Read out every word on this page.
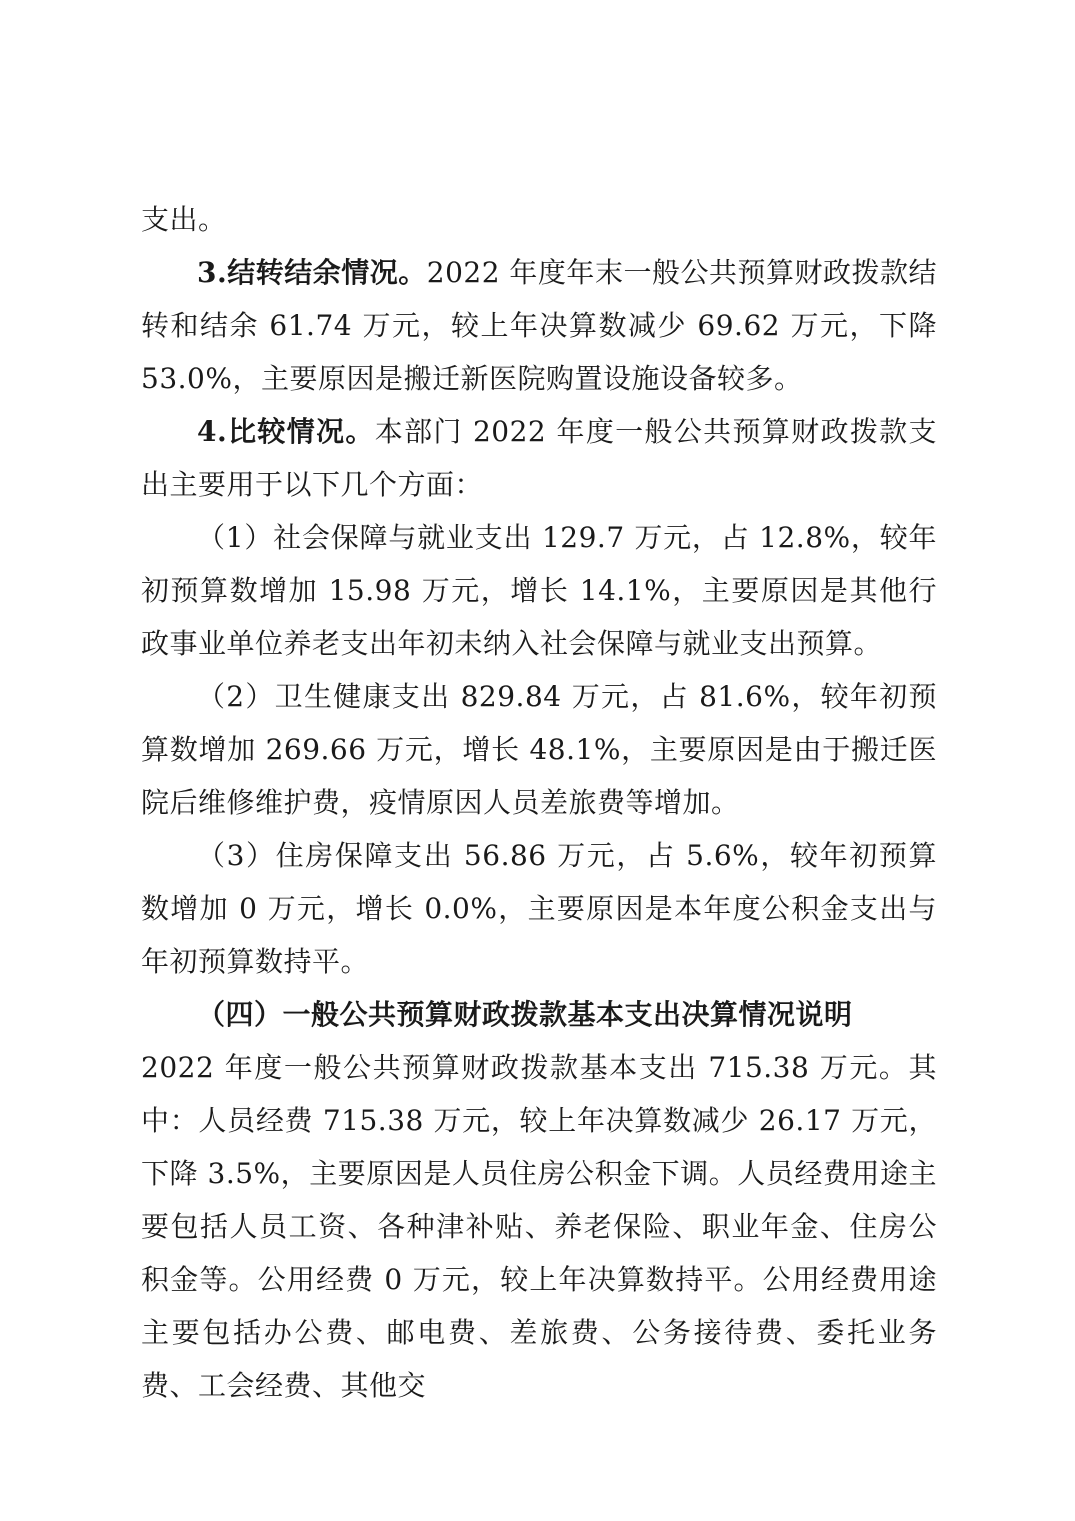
支出。

3.结转结余情况。2022 年度年末一般公共预算财政拨款结转和结余 61.74 万元，较上年决算数减少 69.62 万元，下降 53.0%，主要原因是搬迁新医院购置设施设备较多。

4.比较情况。本部门 2022 年度一般公共预算财政拨款支出主要用于以下几个方面：

（1）社会保障与就业支出 129.7 万元，占 12.8%，较年初预算数增加 15.98 万元，增长 14.1%，主要原因是其他行政事业单位养老支出年初未纳入社会保障与就业支出预算。

（2）卫生健康支出 829.84 万元，占 81.6%，较年初预算数增加 269.66 万元，增长 48.1%，主要原因是由于搬迁医院后维修维护费，疫情原因人员差旅费等增加。

（3）住房保障支出 56.86 万元，占 5.6%，较年初预算数增加 0 万元，增长 0.0%，主要原因是本年度公积金支出与年初预算数持平。

（四）一般公共预算财政拨款基本支出决算情况说明

2022 年度一般公共预算财政拨款基本支出 715.38 万元。其中：人员经费 715.38 万元，较上年决算数减少 26.17 万元，下降 3.5%，主要原因是人员住房公积金下调。人员经费用途主要包括人员工资、各种津补贴、养老保险、职业年金、住房公积金等。公用经费 0 万元，较上年决算数持平。公用经费用途主要包括办公费、邮电费、差旅费、公务接待费、委托业务费、工会经费、其他交
